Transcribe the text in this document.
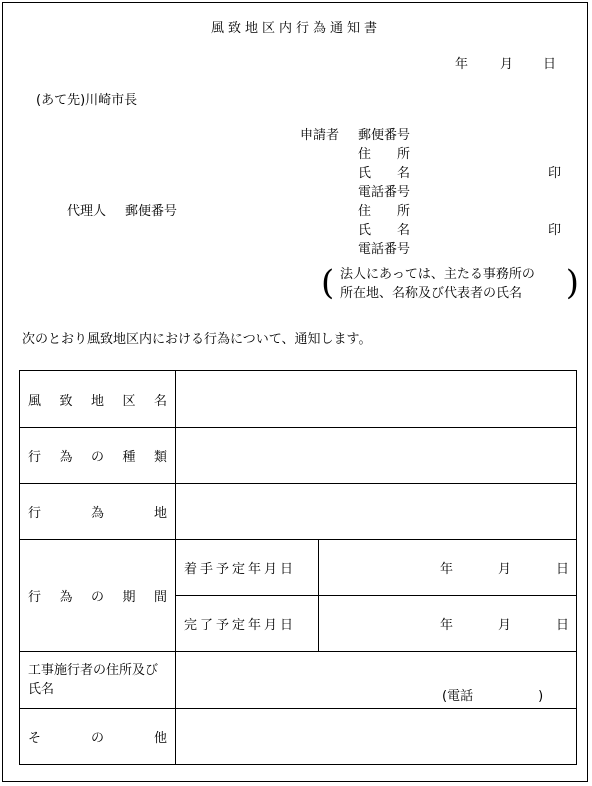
風致地区内行為通知書
年 月 日
(あて先)川崎市長
申請者 郵便番号
住　　所
氏　　名	印
電話番号
代理人 郵便番号	住　　所
氏　　名	印
電話番号
( 法人にあっては、主たる事務所の
所在地、名称及び代表者の氏名	)
次のとおり風致地区内における行為について、通知します。
風 致 地 区 名		

行 為 の 種 類		

行 為 地		

行 為 の 期 間	着手予定年月日	年 月 日

	完了予定年月日	年 月 日

工事施行者の住所及び氏名	(電話　　　　　)	

そ の 他		
